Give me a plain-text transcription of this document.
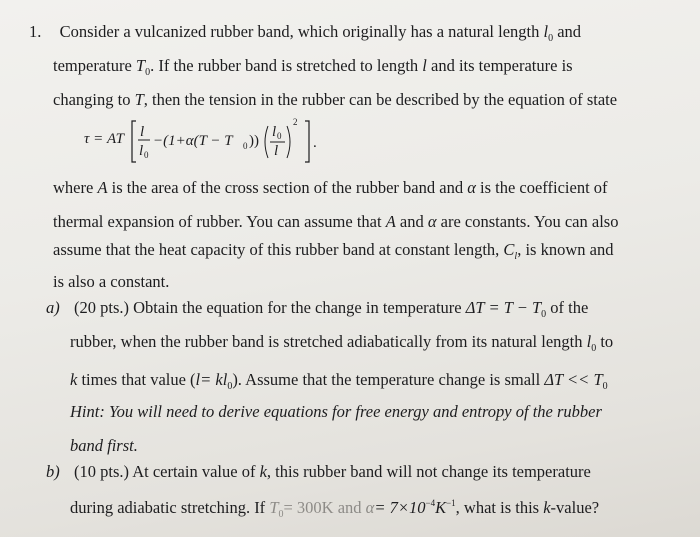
1. Consider a vulcanized rubber band, which originally has a natural length $l_0$ and
temperature $T_0$. If the rubber band is stretched to length l and its temperature is
changing to T, then the tension in the rubber can be described by the equation of state
τ = AT l
l 0
−(1+α(T − T 0 ))
l 0
l
2
.
where A is the area of the cross section of the rubber band and α is the coefficient of
thermal expansion of rubber. You can assume that A and α are constants. You can also
assume that the heat capacity of this rubber band at constant length, $C_l$, is known and
is also a constant.
a) (20 pts.) Obtain the equation for the change in temperature $\Delta T = T - T_0$ of the
rubber, when the rubber band is stretched adiabatically from its natural length $l_0$ to
k times that value $(l= kl_0)$. Assume that the temperature change is small $\Delta T << T_0$
Hint: You will need to derive equations for free energy and entropy of the rubber
band first.
b) (10 pts.) At certain value of k, this rubber band will not change its temperature
during adiabatic stretching. If $T_0= 300K$ and $\alpha= 7\times 10^{-4}K^{-1}$, what is this k-value?
